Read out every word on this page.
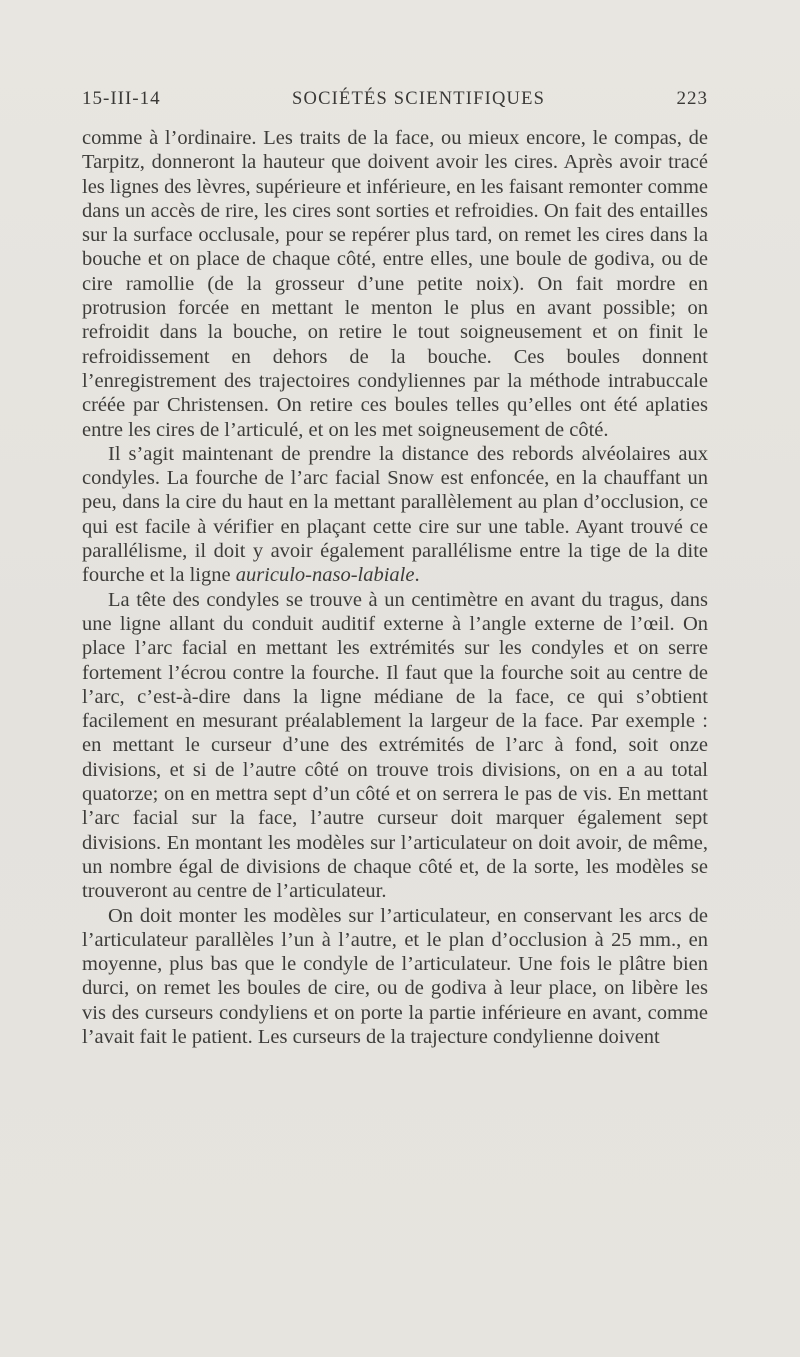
15-III-14	SOCIÉTÉS SCIENTIFIQUES	223

comme à l’ordinaire. Les traits de la face, ou mieux encore, le compas, de Tarpitz, donneront la hauteur que doivent avoir les cires. Après avoir tracé les lignes des lèvres, supérieure et inférieure, en les faisant remonter comme dans un accès de rire, les cires sont sorties et refroidies. On fait des entailles sur la surface occlusale, pour se repérer plus tard, on remet les cires dans la bouche et on place de chaque côté, entre elles, une boule de godiva, ou de cire ramollie (de la grosseur d’une petite noix). On fait mordre en protrusion forcée en mettant le menton le plus en avant possible; on refroidit dans la bouche, on retire le tout soigneusement et on finit le refroidissement en dehors de la bouche. Ces boules donnent l’enregistrement des trajectoires condyliennes par la méthode intrabuccale créée par Christensen. On retire ces boules telles qu’elles ont été aplaties entre les cires de l’articulé, et on les met soigneusement de côté.

Il s’agit maintenant de prendre la distance des rebords alvéolaires aux condyles. La fourche de l’arc facial Snow est enfoncée, en la chauffant un peu, dans la cire du haut en la mettant parallèlement au plan d’occlusion, ce qui est facile à vérifier en plaçant cette cire sur une table. Ayant trouvé ce parallélisme, il doit y avoir également parallélisme entre la tige de la dite fourche et la ligne auriculo-naso-labiale.

La tête des condyles se trouve à un centimètre en avant du tragus, dans une ligne allant du conduit auditif externe à l’angle externe de l’œil. On place l’arc facial en mettant les extrémités sur les condyles et on serre fortement l’écrou contre la fourche. Il faut que la fourche soit au centre de l’arc, c’est-à-dire dans la ligne médiane de la face, ce qui s’obtient facilement en mesurant préalablement la largeur de la face. Par exemple : en mettant le curseur d’une des extrémités de l’arc à fond, soit onze divisions, et si de l’autre côté on trouve trois divisions, on en a au total quatorze; on en mettra sept d’un côté et on serrera le pas de vis. En mettant l’arc facial sur la face, l’autre curseur doit marquer également sept divisions. En montant les modèles sur l’articulateur on doit avoir, de même, un nombre égal de divisions de chaque côté et, de la sorte, les modèles se trouveront au centre de l’articulateur.

On doit monter les modèles sur l’articulateur, en conservant les arcs de l’articulateur parallèles l’un à l’autre, et le plan d’occlusion à 25 mm., en moyenne, plus bas que le condyle de l’articulateur. Une fois le plâtre bien durci, on remet les boules de cire, ou de godiva à leur place, on libère les vis des curseurs condyliens et on porte la partie inférieure en avant, comme l’avait fait le patient. Les curseurs de la trajecture condylienne doivent
